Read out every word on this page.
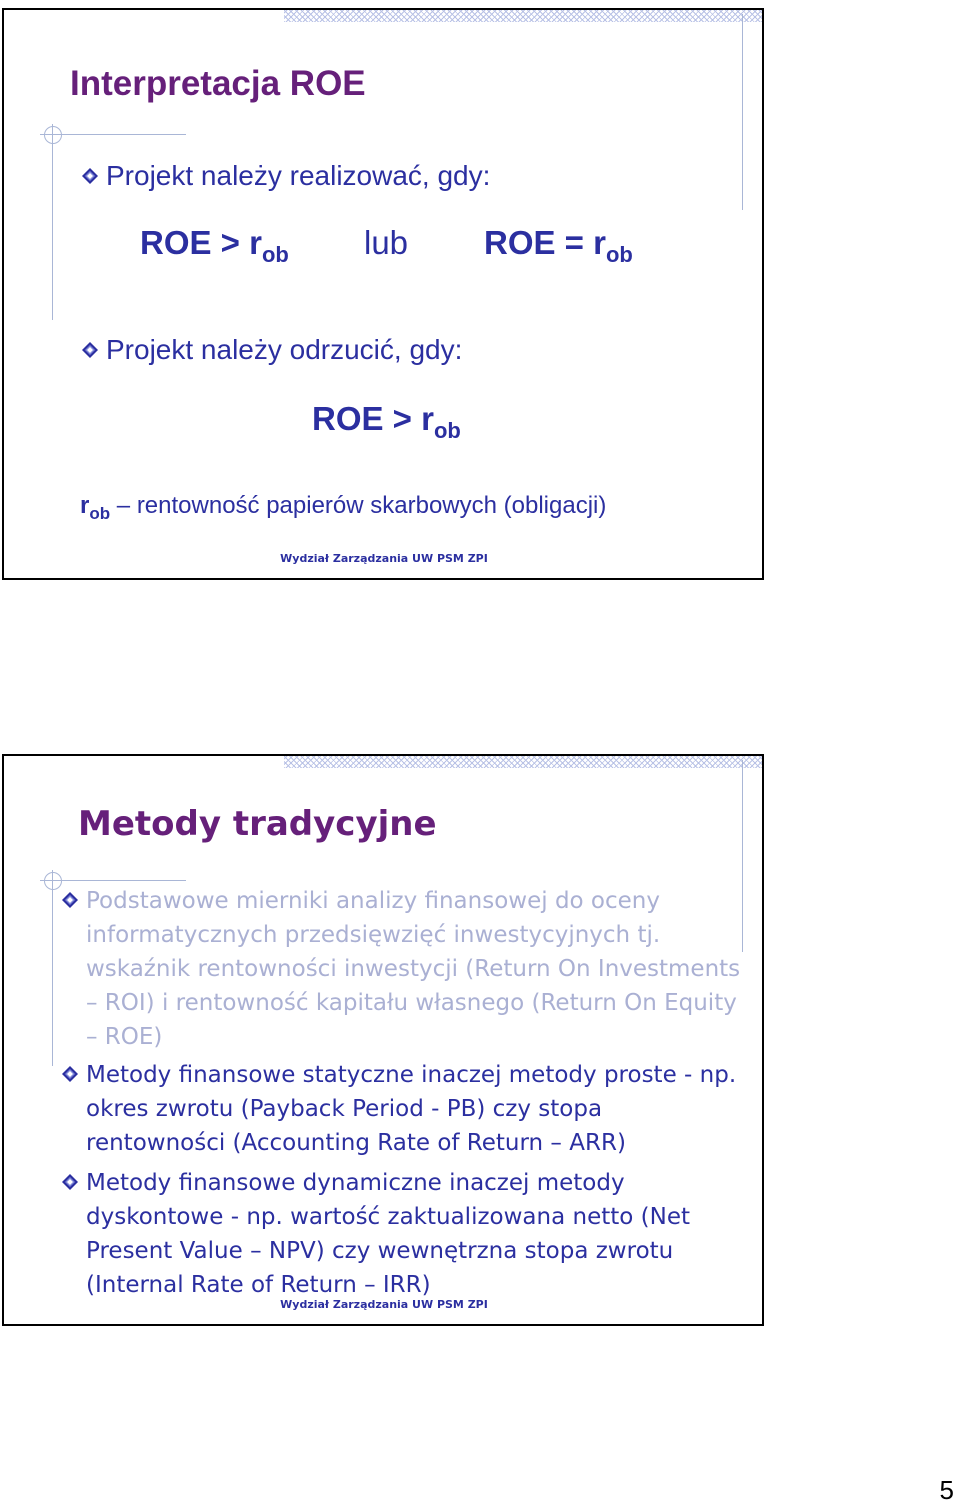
Interpretacja ROE
Projekt należy realizować, gdy:
ROE > $r_{ob}$ lub ROE = $r_{ob}$
Projekt należy odrzucić, gdy:
ROE > $r_{ob}$
$r_{ob}$ – rentowność papierów skarbowych (obligacji)
Wydział Zarządzania UW PSM ZPI
Metody tradycyjne
Podstawowe mierniki analizy finansowej do oceny informatycznych przedsięwzięć inwestycyjnych tj. wskaźnik rentowności inwestycji (Return On Investments – ROI) i rentowność kapitału własnego (Return On Equity – ROE)
Metody finansowe statyczne inaczej metody proste - np. okres zwrotu (Payback Period - PB) czy stopa rentowności (Accounting Rate of Return – ARR)
Metody finansowe dynamiczne inaczej metody dyskontowe - np. wartość zaktualizowana netto (Net Present Value – NPV) czy wewnętrzna stopa zwrotu (Internal Rate of Return – IRR)
Wydział Zarządzania UW PSM ZPI
5
